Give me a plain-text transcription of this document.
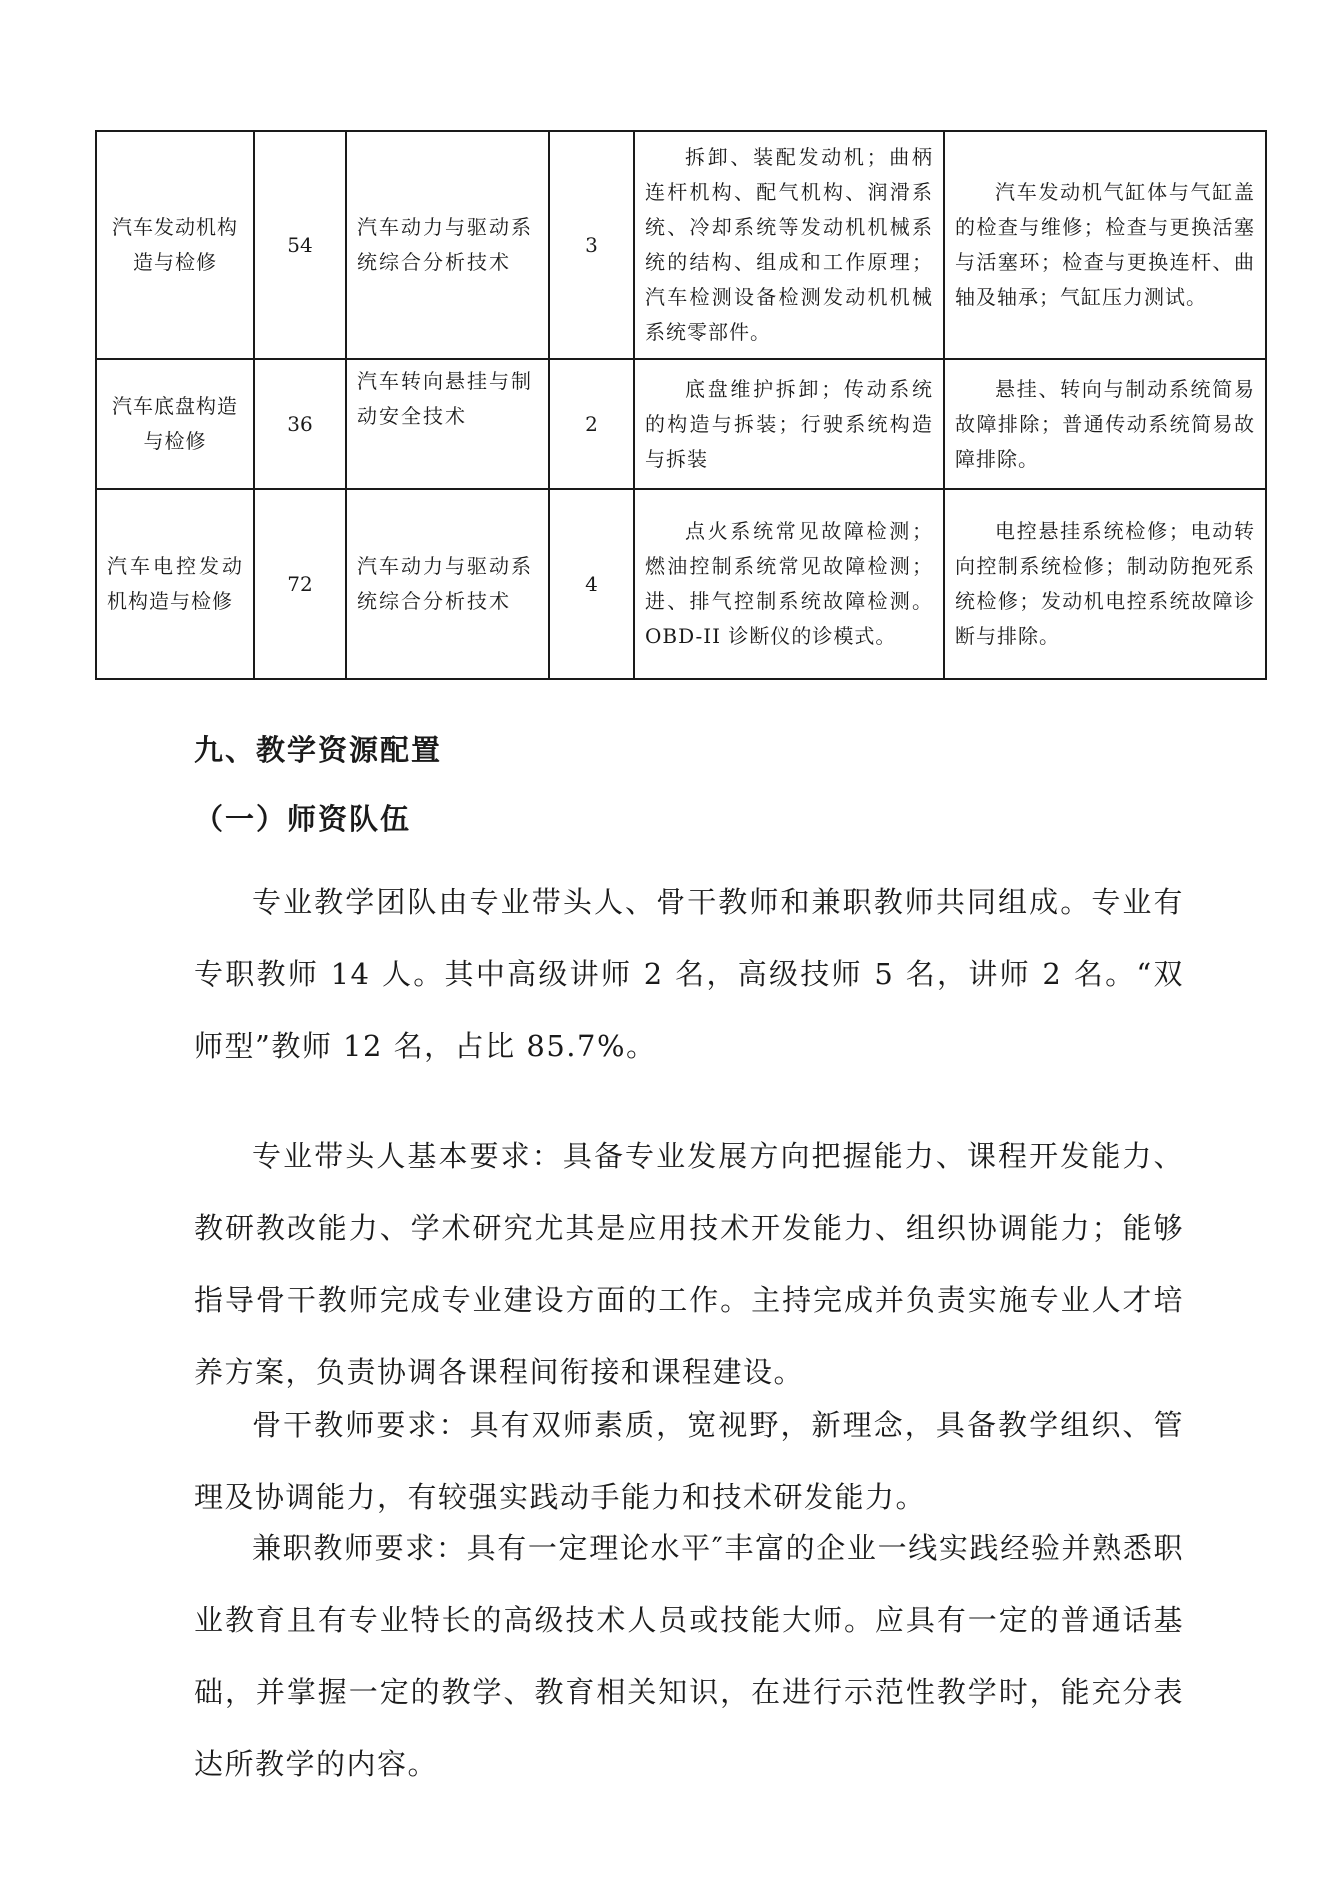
汽车发动机构造与检修	54	汽车动力与驱动系统综合分析技术	3	拆卸、装配发动机；曲柄连杆机构、配气机构、润滑系统、冷却系统等发动机机械系统的结构、组成和工作原理；汽车检测设备检测发动机机械系统零部件。	汽车发动机气缸体与气缸盖的检查与维修；检查与更换活塞与活塞环；检查与更换连杆、曲轴及轴承；气缸压力测试。

汽车底盘构造与检修	36	汽车转向悬挂与制动安全技术	2	底盘维护拆卸；传动系统的构造与拆装；行驶系统构造与拆装	悬挂、转向与制动系统简易故障排除；普通传动系统简易故障排除。

汽车电控发动机构造与检修	72	汽车动力与驱动系统综合分析技术	4	点火系统常见故障检测；燃油控制系统常见故障检测；进、排气控制系统故障检测。OBD-II 诊断仪的诊模式。	电控悬挂系统检修；电动转向控制系统检修；制动防抱死系统检修；发动机电控系统故障诊断与排除。
九、教学资源配置
（一）师资队伍

专业教学团队由专业带头人、骨干教师和兼职教师共同组成。专业有专职教师 14 人。其中高级讲师 2 名，高级技师 5 名，讲师 2 名。“双师型”教师 12 名，占比 85.7%。

专业带头人基本要求：具备专业发展方向把握能力、课程开发能力、教研教改能力、学术研究尤其是应用技术开发能力、组织协调能力；能够指导骨干教师完成专业建设方面的工作。主持完成并负责实施专业人才培养方案，负责协调各课程间衔接和课程建设。

骨干教师要求：具有双师素质，宽视野，新理念，具备教学组织、管理及协调能力，有较强实践动手能力和技术研发能力。

兼职教师要求：具有一定理论水平″丰富的企业一线实践经验并熟悉职业教育且有专业特长的高级技术人员或技能大师。应具有一定的普通话基础，并掌握一定的教学、教育相关知识，在进行示范性教学时，能充分表达所教学的内容。
